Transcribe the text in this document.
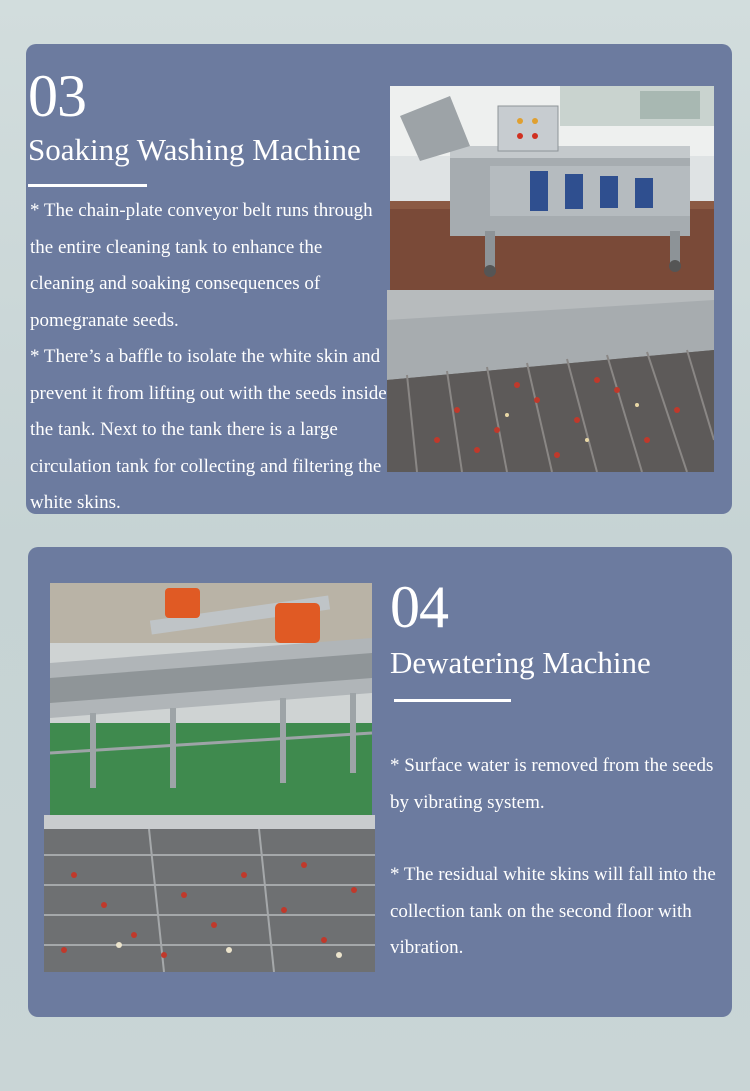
03
Soaking Washing Machine
* The chain-plate conveyor belt runs through the entire cleaning tank to enhance the cleaning and soaking consequences of pomegranate seeds.
* There’s a baffle to isolate the white skin and prevent it from lifting out with the seeds inside the tank. Next to the tank there is a large circulation tank for collecting and filtering the white skins.
04
Dewatering Machine
* Surface water is removed from the seeds by vibrating system.
* The residual white skins will fall into the collection tank on the second floor with vibration.
